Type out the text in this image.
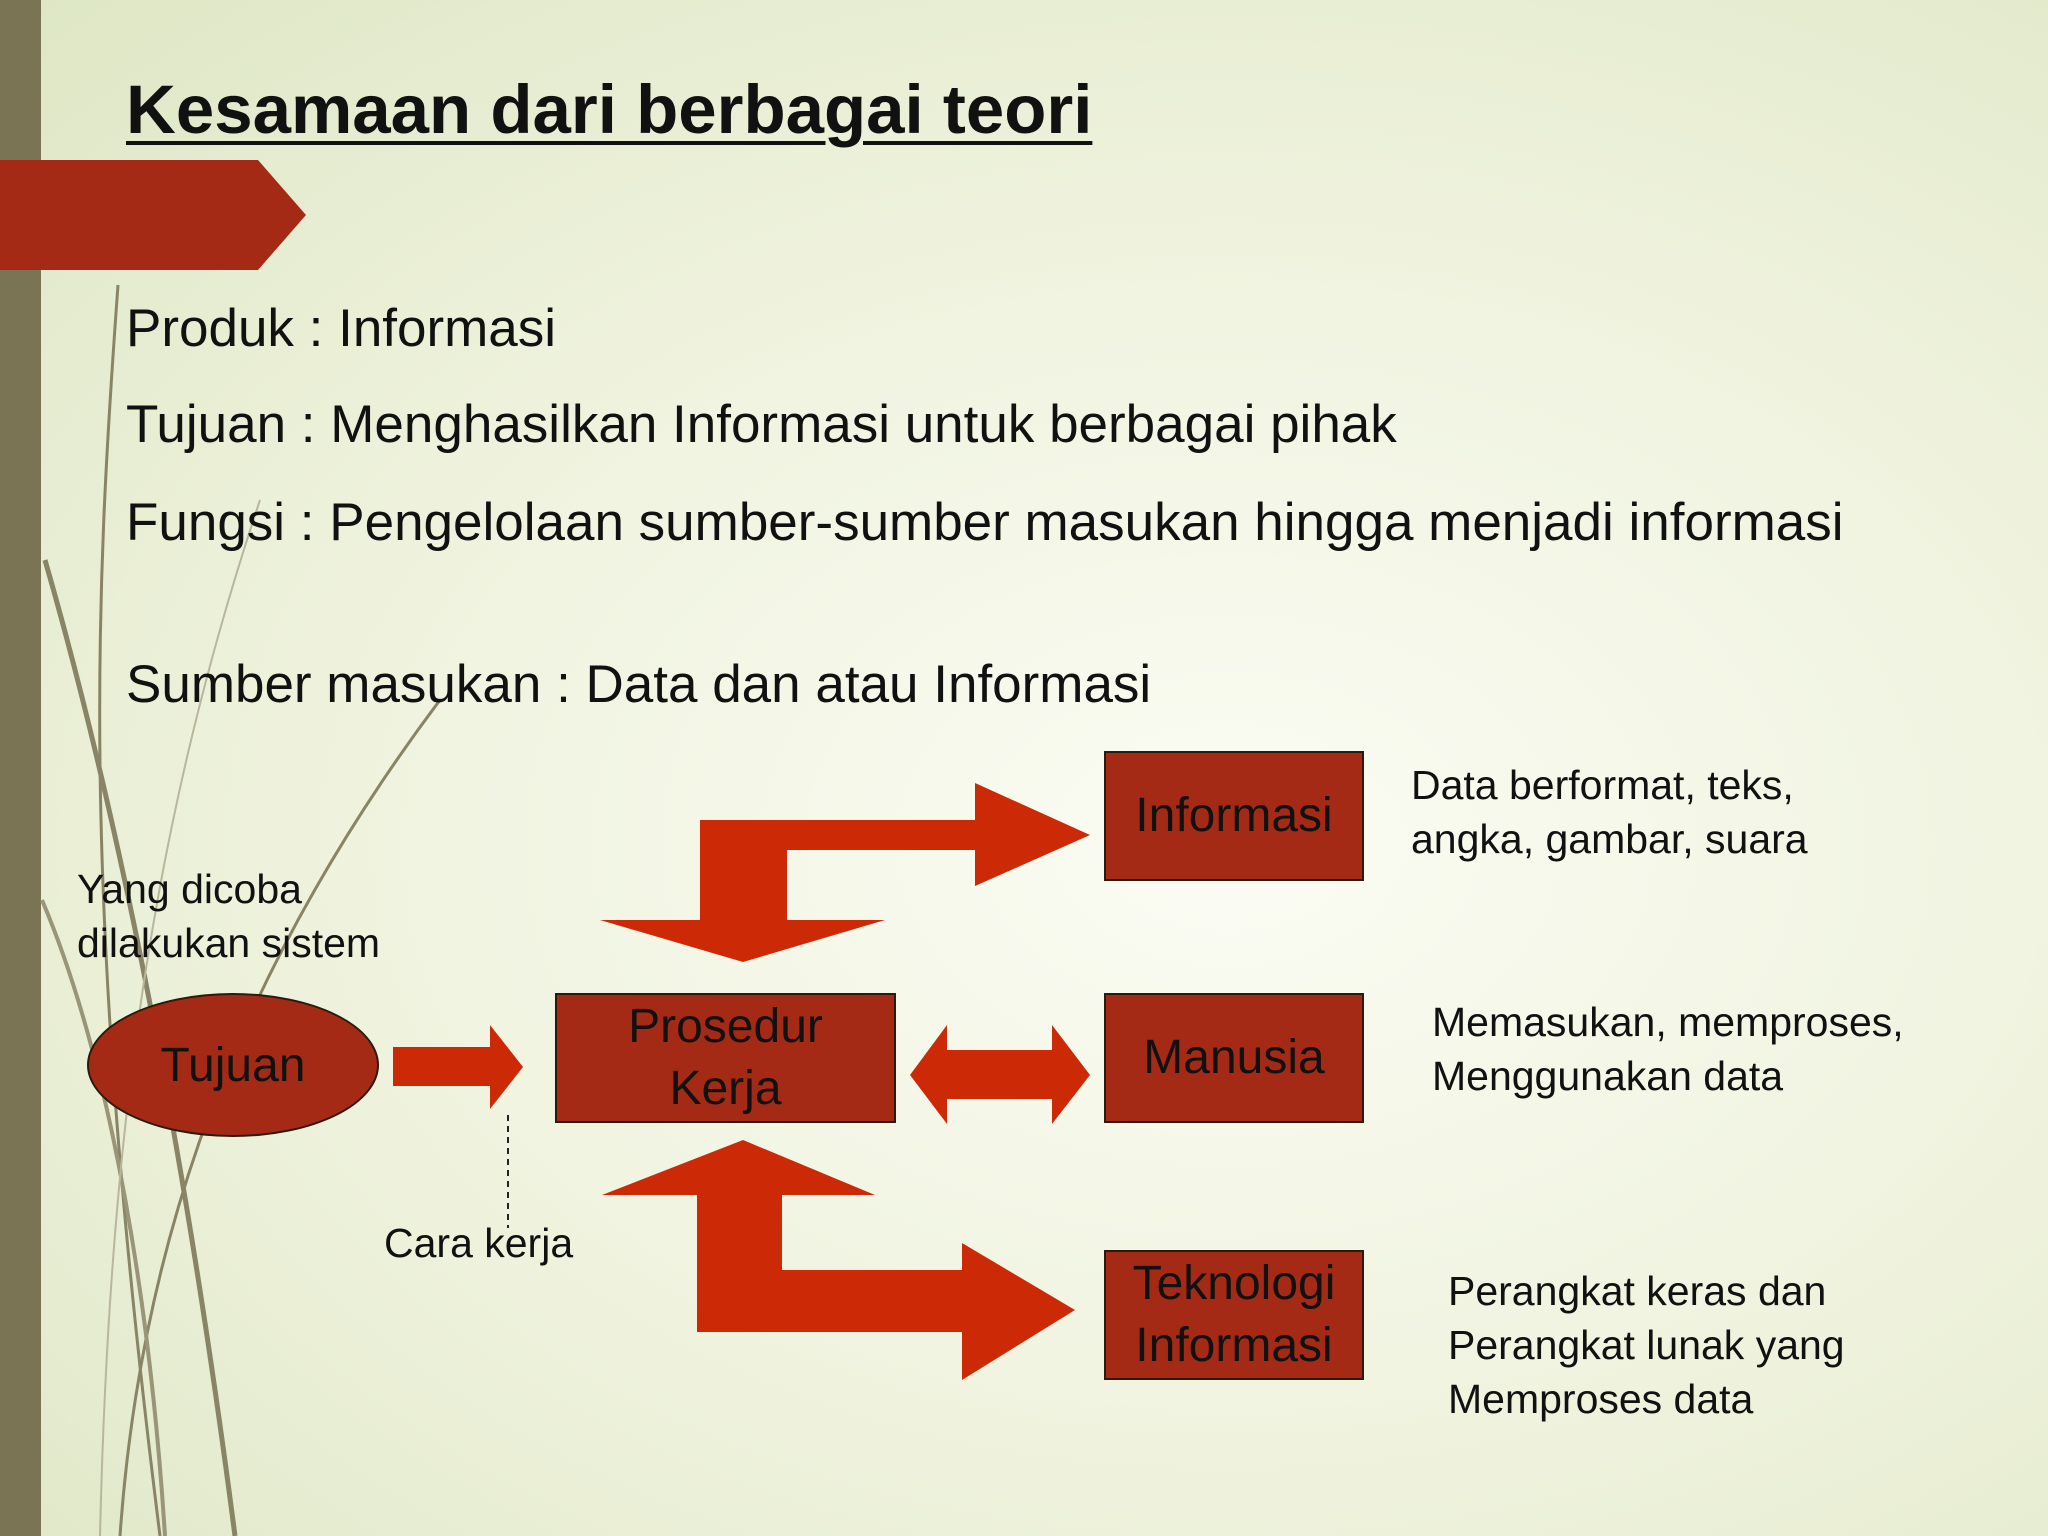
Kesamaan dari berbagai teori
Produk : Informasi
Tujuan : Menghasilkan Informasi untuk berbagai pihak
Fungsi : Pengelolaan sumber-sumber masukan hingga menjadi informasi
Sumber masukan : Data dan atau Informasi
Tujuan
Prosedur
Kerja
Informasi
Manusia
Teknologi
Informasi
Yang dicoba
dilakukan sistem
Cara kerja
Data berformat, teks,
angka, gambar, suara
Memasukan, memproses,
Menggunakan data
Perangkat keras dan
Perangkat lunak yang
Memproses data
